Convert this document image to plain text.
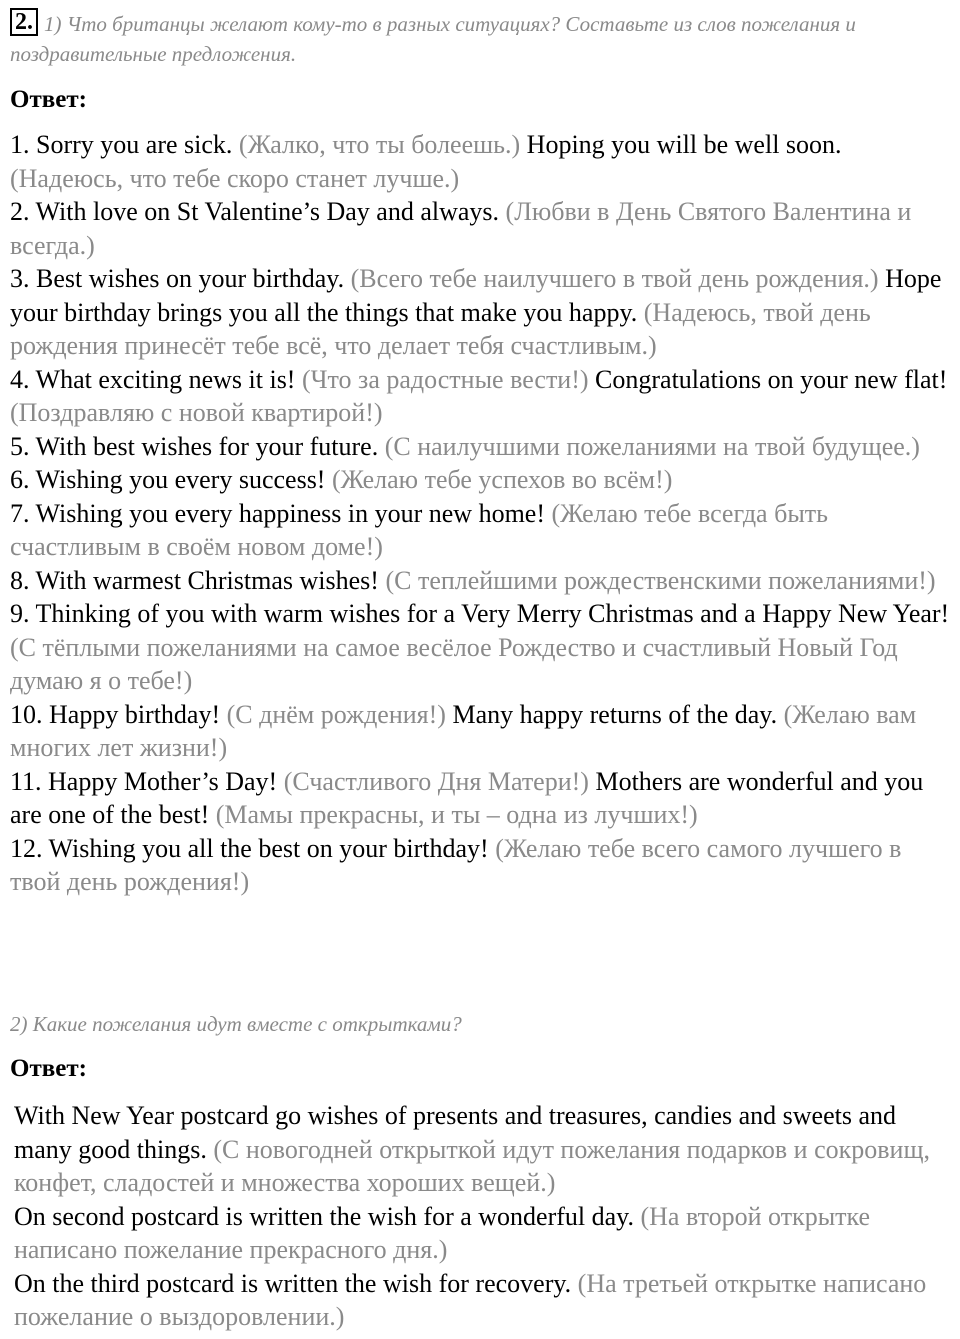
2. 1) Что британцы желают кому-то в разных ситуациях? Составьте из слов пожелания и поздравительные предложения.
Ответ:

1. Sorry you are sick. (Жалко, что ты болеешь.) Hoping you will be well soon. (Надеюсь, что тебе скоро станет лучше.)

2. With love on St Valentine’s Day and always. (Любви в День Святого Валентина и всегда.)

3. Best wishes on your birthday. (Всего тебе наилучшего в твой день рождения.) Hope your birthday brings you all the things that make you happy. (Надеюсь, твой день рождения принесёт тебе всё, что делает тебя счастливым.)

4. What exciting news it is! (Что за радостные вести!) Congratulations on your new flat! (Поздравляю с новой квартирой!)

5. With best wishes for your future. (С наилучшими пожеланиями на твой будущее.)

6. Wishing you every success! (Желаю тебе успехов во всём!)

7. Wishing you every happiness in your new home! (Желаю тебе всегда быть счастливым в своём новом доме!)

8. With warmest Christmas wishes! (С теплейшими рождественскими пожеланиями!)

9. Thinking of you with warm wishes for a Very Merry Christmas and a Happy New Year! (С тёплыми пожеланиями на самое весёлое Рождество и счастливый Новый Год думаю я о тебе!)

10. Happy birthday! (С днём рождения!) Many happy returns of the day. (Желаю вам многих лет жизни!)

11. Happy Mother’s Day! (Счастливого Дня Матери!) Mothers are wonderful and you are one of the best! (Мамы прекрасны, и ты – одна из лучших!)

12. Wishing you all the best on your birthday! (Желаю тебе всего самого лучшего в твой день рождения!)

2) Какие пожелания идут вместе с открытками?
Ответ:

With New Year postcard go wishes of presents and treasures, candies and sweets and many good things. (С новогодней открыткой идут пожелания подарков и сокровищ, конфет, сладостей и множества хороших вещей.)

On second postcard is written the wish for a wonderful day. (На второй открытке написано пожелание прекрасного дня.)

On the third postcard is written the wish for recovery. (На третьей открытке написано пожелание о выздоровлении.)
